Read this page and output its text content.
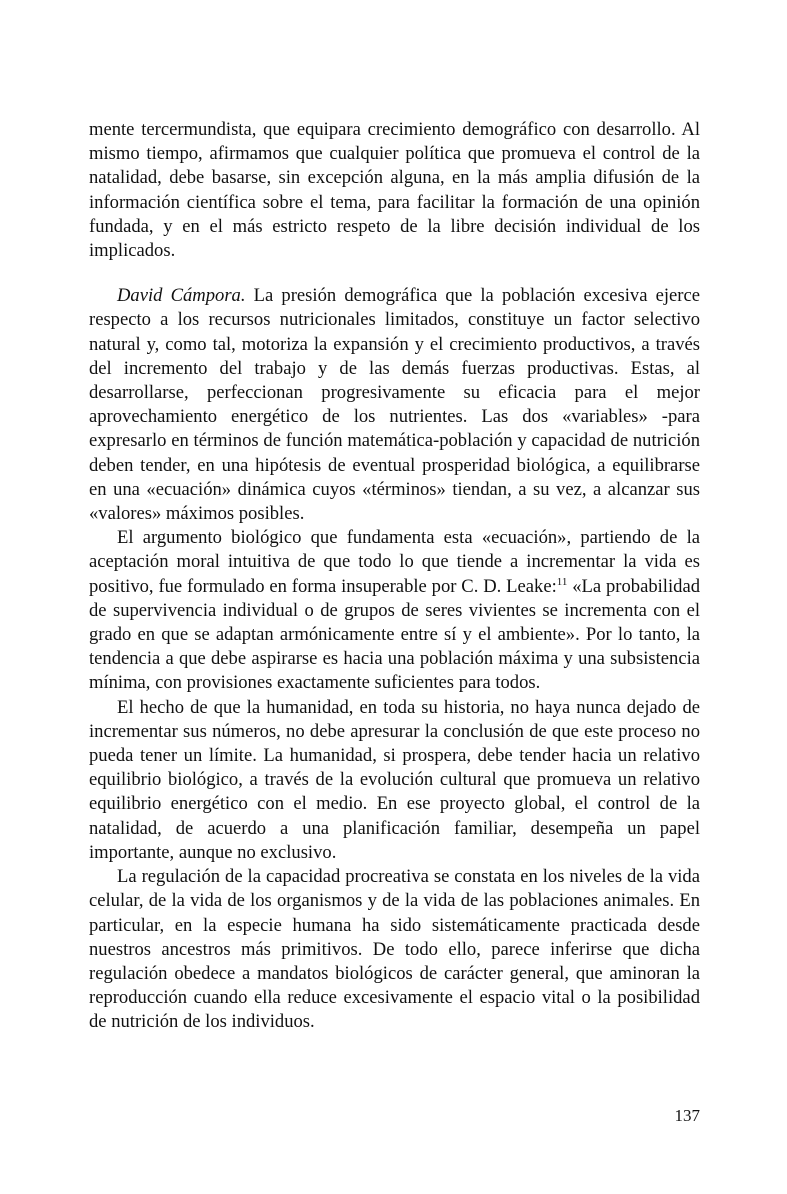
mente tercermundista, que equipara crecimiento demográfico con desarrollo. Al mismo tiempo, afirmamos que cualquier política que promueva el control de la natalidad, debe basarse, sin excepción alguna, en la más amplia difusión de la información científica sobre el tema, para facilitar la formación de una opinión fundada, y en el más estricto respeto de la libre decisión individual de los implicados.

David Cámpora. La presión demográfica que la población excesiva ejerce respecto a los recursos nutricionales limitados, constituye un factor selectivo natural y, como tal, motoriza la expansión y el crecimiento productivos, a través del incremento del trabajo y de las demás fuerzas productivas. Estas, al desarrollarse, perfeccionan progresivamente su eficacia para el mejor aprovechamiento energético de los nutrientes. Las dos «variables» -para expresarlo en términos de función matemática-población y capacidad de nutrición deben tender, en una hipótesis de eventual prosperidad biológica, a equilibrarse en una «ecuación» dinámica cuyos «términos» tiendan, a su vez, a alcanzar sus «valores» máximos posibles.

El argumento biológico que fundamenta esta «ecuación», partiendo de la aceptación moral intuitiva de que todo lo que tiende a incrementar la vida es positivo, fue formulado en forma insuperable por C. D. Leake:$^{11}$ «La probabilidad de supervivencia individual o de grupos de seres vivientes se incrementa con el grado en que se adaptan armónicamente entre sí y el ambiente». Por lo tanto, la tendencia a que debe aspirarse es hacia una población máxima y una subsistencia mínima, con provisiones exactamente suficientes para todos.

El hecho de que la humanidad, en toda su historia, no haya nunca dejado de incrementar sus números, no debe apresurar la conclusión de que este proceso no pueda tener un límite. La humanidad, si prospera, debe tender hacia un relativo equilibrio biológico, a través de la evolución cultural que promueva un relativo equilibrio energético con el medio. En ese proyecto global, el control de la natalidad, de acuerdo a una planificación familiar, desempeña un papel importante, aunque no exclusivo.

La regulación de la capacidad procreativa se constata en los niveles de la vida celular, de la vida de los organismos y de la vida de las poblaciones animales. En particular, en la especie humana ha sido sistemáticamente practicada desde nuestros ancestros más primitivos. De todo ello, parece inferirse que dicha regulación obedece a mandatos biológicos de carácter general, que aminoran la reproducción cuando ella reduce excesivamente el espacio vital o la posibilidad de nutrición de los individuos.

137
